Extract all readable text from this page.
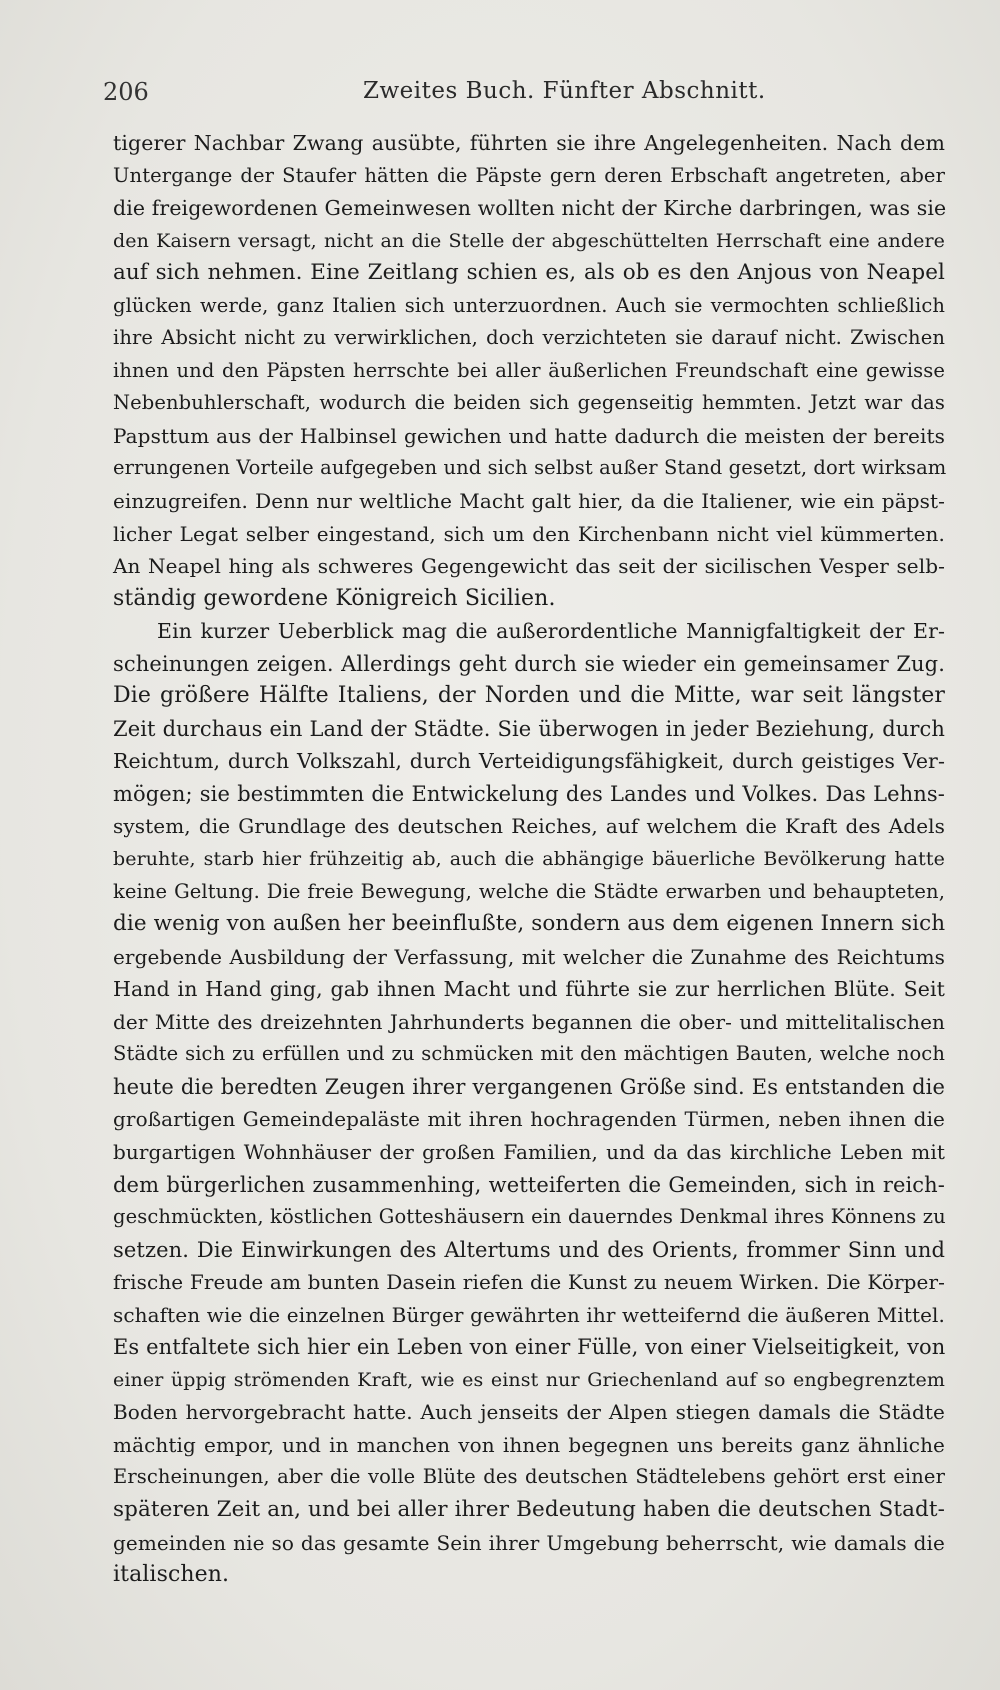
206	Zweites Buch. Fünfter Abschnitt.
tigerer Nachbar Zwang ausübte, führten sie ihre Angelegenheiten. Nach dem
Untergange der Staufer hätten die Päpste gern deren Erbschaft angetreten, aber
die freigewordenen Gemeinwesen wollten nicht der Kirche darbringen, was sie
den Kaisern versagt, nicht an die Stelle der abgeschüttelten Herrschaft eine andere
auf sich nehmen. Eine Zeitlang schien es, als ob es den Anjous von Neapel
glücken werde, ganz Italien sich unterzuordnen. Auch sie vermochten schließlich
ihre Absicht nicht zu verwirklichen, doch verzichteten sie darauf nicht. Zwischen
ihnen und den Päpsten herrschte bei aller äußerlichen Freundschaft eine gewisse
Nebenbuhlerschaft, wodurch die beiden sich gegenseitig hemmten. Jetzt war das
Papsttum aus der Halbinsel gewichen und hatte dadurch die meisten der bereits
errungenen Vorteile aufgegeben und sich selbst außer Stand gesetzt, dort wirksam
einzugreifen. Denn nur weltliche Macht galt hier, da die Italiener, wie ein päpst-
licher Legat selber eingestand, sich um den Kirchenbann nicht viel kümmerten.
An Neapel hing als schweres Gegengewicht das seit der sicilischen Vesper selb-
ständig gewordene Königreich Sicilien.
Ein kurzer Ueberblick mag die außerordentliche Mannigfaltigkeit der Er-
scheinungen zeigen. Allerdings geht durch sie wieder ein gemeinsamer Zug.
Die größere Hälfte Italiens, der Norden und die Mitte, war seit längster
Zeit durchaus ein Land der Städte. Sie überwogen in jeder Beziehung, durch
Reichtum, durch Volkszahl, durch Verteidigungsfähigkeit, durch geistiges Ver-
mögen; sie bestimmten die Entwickelung des Landes und Volkes. Das Lehns-
system, die Grundlage des deutschen Reiches, auf welchem die Kraft des Adels
beruhte, starb hier frühzeitig ab, auch die abhängige bäuerliche Bevölkerung hatte
keine Geltung. Die freie Bewegung, welche die Städte erwarben und behaupteten,
die wenig von außen her beeinflußte, sondern aus dem eigenen Innern sich
ergebende Ausbildung der Verfassung, mit welcher die Zunahme des Reichtums
Hand in Hand ging, gab ihnen Macht und führte sie zur herrlichen Blüte. Seit
der Mitte des dreizehnten Jahrhunderts begannen die ober- und mittelitalischen
Städte sich zu erfüllen und zu schmücken mit den mächtigen Bauten, welche noch
heute die beredten Zeugen ihrer vergangenen Größe sind. Es entstanden die
großartigen Gemeindepaläste mit ihren hochragenden Türmen, neben ihnen die
burgartigen Wohnhäuser der großen Familien, und da das kirchliche Leben mit
dem bürgerlichen zusammenhing, wetteiferten die Gemeinden, sich in reich-
geschmückten, köstlichen Gotteshäusern ein dauerndes Denkmal ihres Könnens zu
setzen. Die Einwirkungen des Altertums und des Orients, frommer Sinn und
frische Freude am bunten Dasein riefen die Kunst zu neuem Wirken. Die Körper-
schaften wie die einzelnen Bürger gewährten ihr wetteifernd die äußeren Mittel.
Es entfaltete sich hier ein Leben von einer Fülle, von einer Vielseitigkeit, von
einer üppig strömenden Kraft, wie es einst nur Griechenland auf so engbegrenztem
Boden hervorgebracht hatte. Auch jenseits der Alpen stiegen damals die Städte
mächtig empor, und in manchen von ihnen begegnen uns bereits ganz ähnliche
Erscheinungen, aber die volle Blüte des deutschen Städtelebens gehört erst einer
späteren Zeit an, und bei aller ihrer Bedeutung haben die deutschen Stadt-
gemeinden nie so das gesamte Sein ihrer Umgebung beherrscht, wie damals die
italischen.
